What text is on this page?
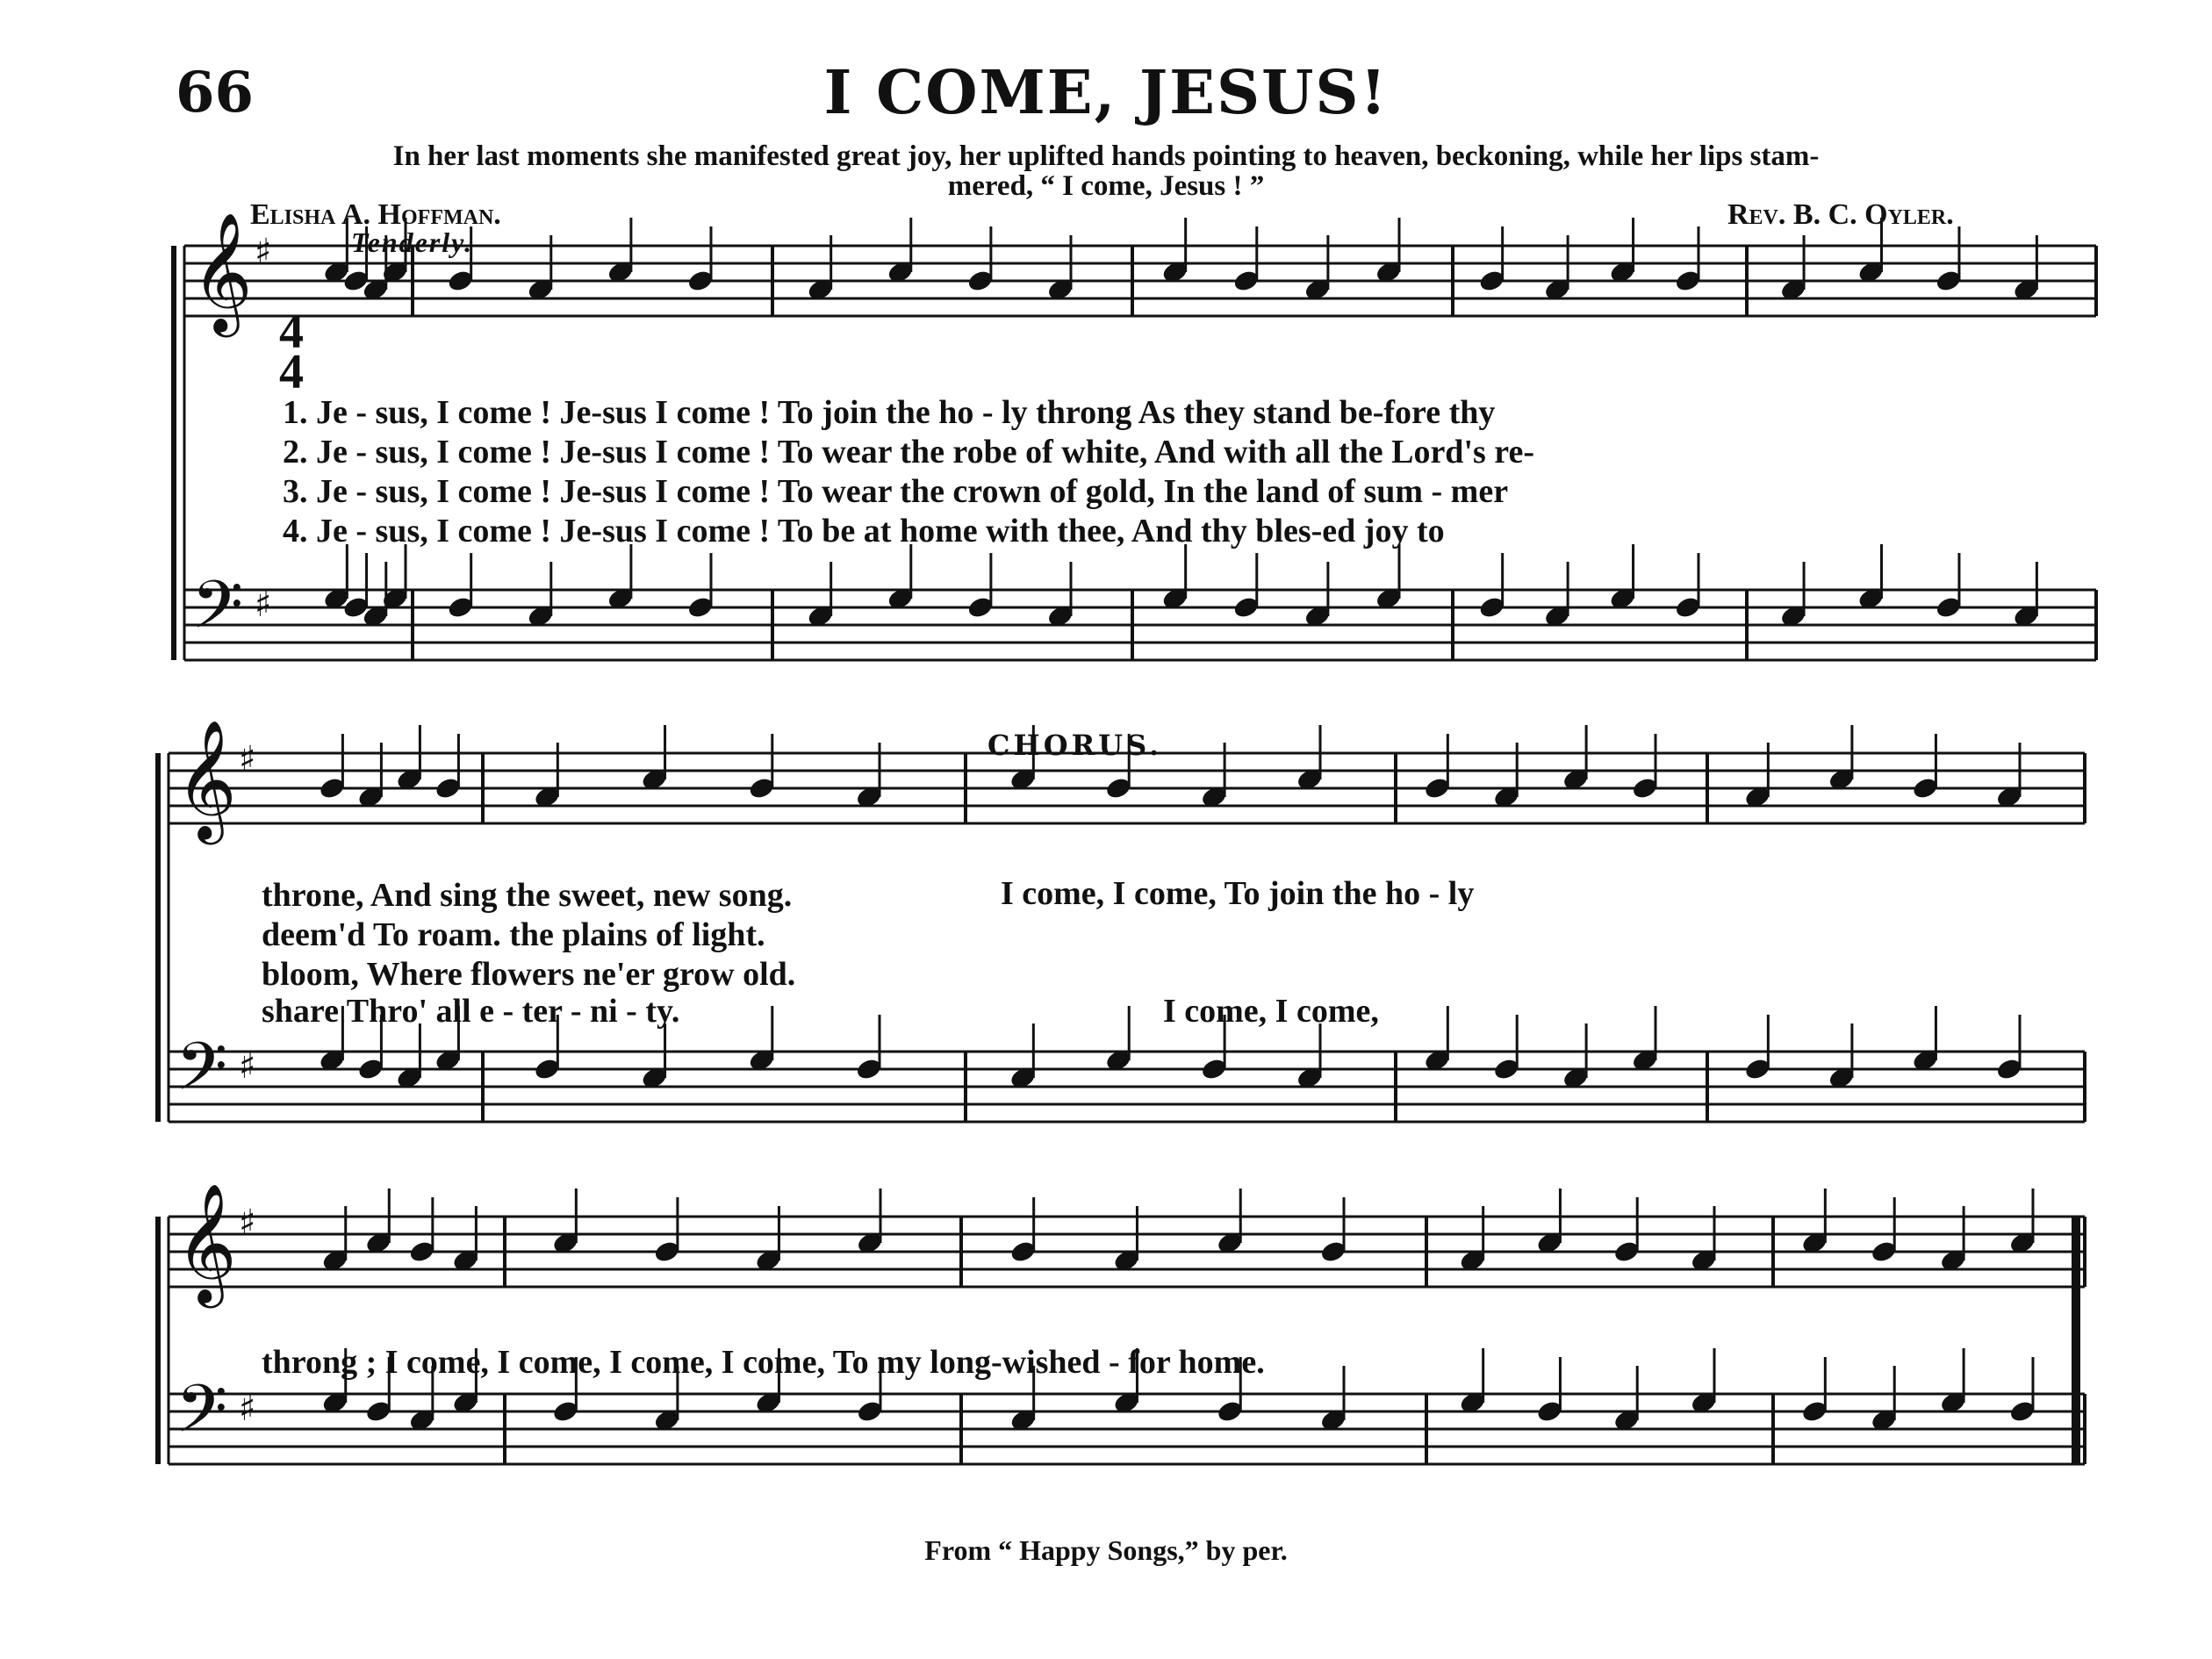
66	I COME, JESUS!
In her last moments she manifested great joy, her uplifted hands pointing to heaven, beckoning, while her lips stam-
mered, “ I come, Jesus ! ”
Elisha A. Hoffman.	Rev. B. C. Oyler.
Tenderly.
𝄞
𝄢
♯
♯
𝄞
𝄢
♯
♯
𝄞
𝄢
♯
♯
CHORUS.
1. Je - sus, I come ! Je-sus I come ! To join the ho - ly throng As they stand be-fore thy
2. Je - sus, I come ! Je-sus I come ! To wear the robe of white, And with all the Lord's re-
3. Je - sus, I come ! Je-sus I come ! To wear the crown of gold, In the land of sum - mer
4. Je - sus, I come ! Je-sus I come ! To be at home with thee, And thy bles-ed joy to
throne, And sing the sweet, new song.
deem'd To roam. the plains of light.
bloom, Where flowers ne'er grow old.
share Thro' all e - ter - ni - ty.
I come, I come, To join the ho - ly
I come, I come,
throng ; I come, I come, I come, I come, To my long-wished - for home.
4
4
From “ Happy Songs,” by per.
